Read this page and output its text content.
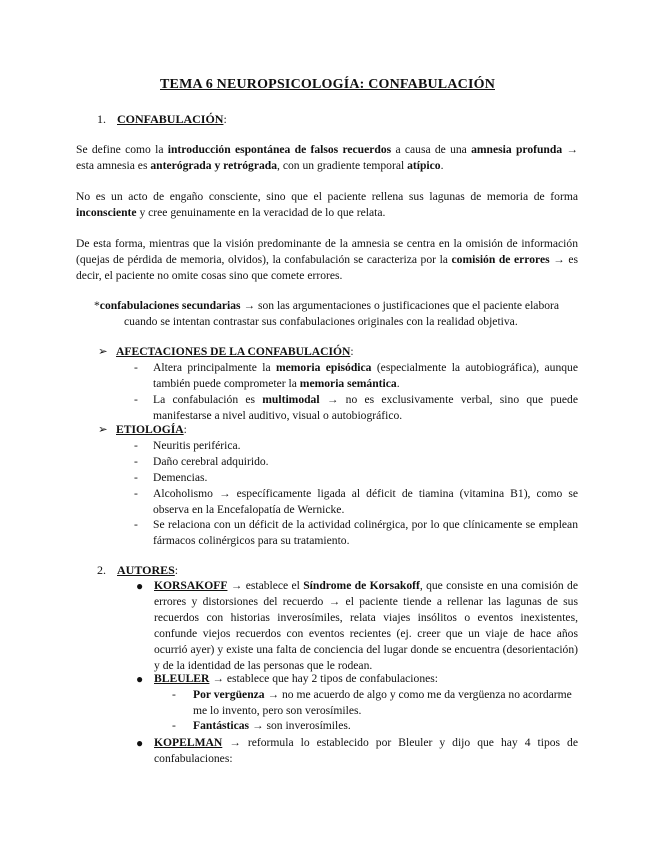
TEMA 6 NEUROPSICOLOGÍA: CONFABULACIÓN
1. CONFABULACIÓN:
Se define como la introducción espontánea de falsos recuerdos a causa de una amnesia profunda → esta amnesia es anterógrada y retrógrada, con un gradiente temporal atípico.
No es un acto de engaño consciente, sino que el paciente rellena sus lagunas de memoria de forma inconsciente y cree genuinamente en la veracidad de lo que relata.
De esta forma, mientras que la visión predominante de la amnesia se centra en la omisión de información (quejas de pérdida de memoria, olvidos), la confabulación se caracteriza por la comisión de errores → es decir, el paciente no omite cosas sino que comete errores.
*confabulaciones secundarias → son las argumentaciones o justificaciones que el paciente elabora
cuando se intentan contrastar sus confabulaciones originales con la realidad objetiva.
➢ AFECTACIONES DE LA CONFABULACIÓN:
-	Altera principalmente la memoria episódica (especialmente la autobiográfica), aunque también puede comprometer la memoria semántica.
-	La confabulación es multimodal → no es exclusivamente verbal, sino que puede manifestarse a nivel auditivo, visual o autobiográfico.
➢ ETIOLOGÍA:
-	Neuritis periférica.
-	Daño cerebral adquirido.
-	Demencias.
-	Alcoholismo → específicamente ligada al déficit de tiamina (vitamina B1), como se observa en la Encefalopatía de Wernicke.
-	Se relaciona con un déficit de la actividad colinérgica, por lo que clínicamente se emplean fármacos colinérgicos para su tratamiento.
2. AUTORES:
● KORSAKOFF → establece el Síndrome de Korsakoff, que consiste en una comisión de errores y distorsiones del recuerdo → el paciente tiende a rellenar las lagunas de sus recuerdos con historias inverosímiles, relata viajes insólitos o eventos inexistentes, confunde viejos recuerdos con eventos recientes (ej. creer que un viaje de hace años ocurrió ayer) y existe una falta de conciencia del lugar donde se encuentra (desorientación) y de la identidad de las personas que le rodean.
● BLEULER → establece que hay 2 tipos de confabulaciones:
-	Por vergüenza → no me acuerdo de algo y como me da vergüenza no acordarme me lo invento, pero son verosímiles.
-	Fantásticas → son inverosímiles.
● KOPELMAN → reformula lo establecido por Bleuler y dijo que hay 4 tipos de confabulaciones:
